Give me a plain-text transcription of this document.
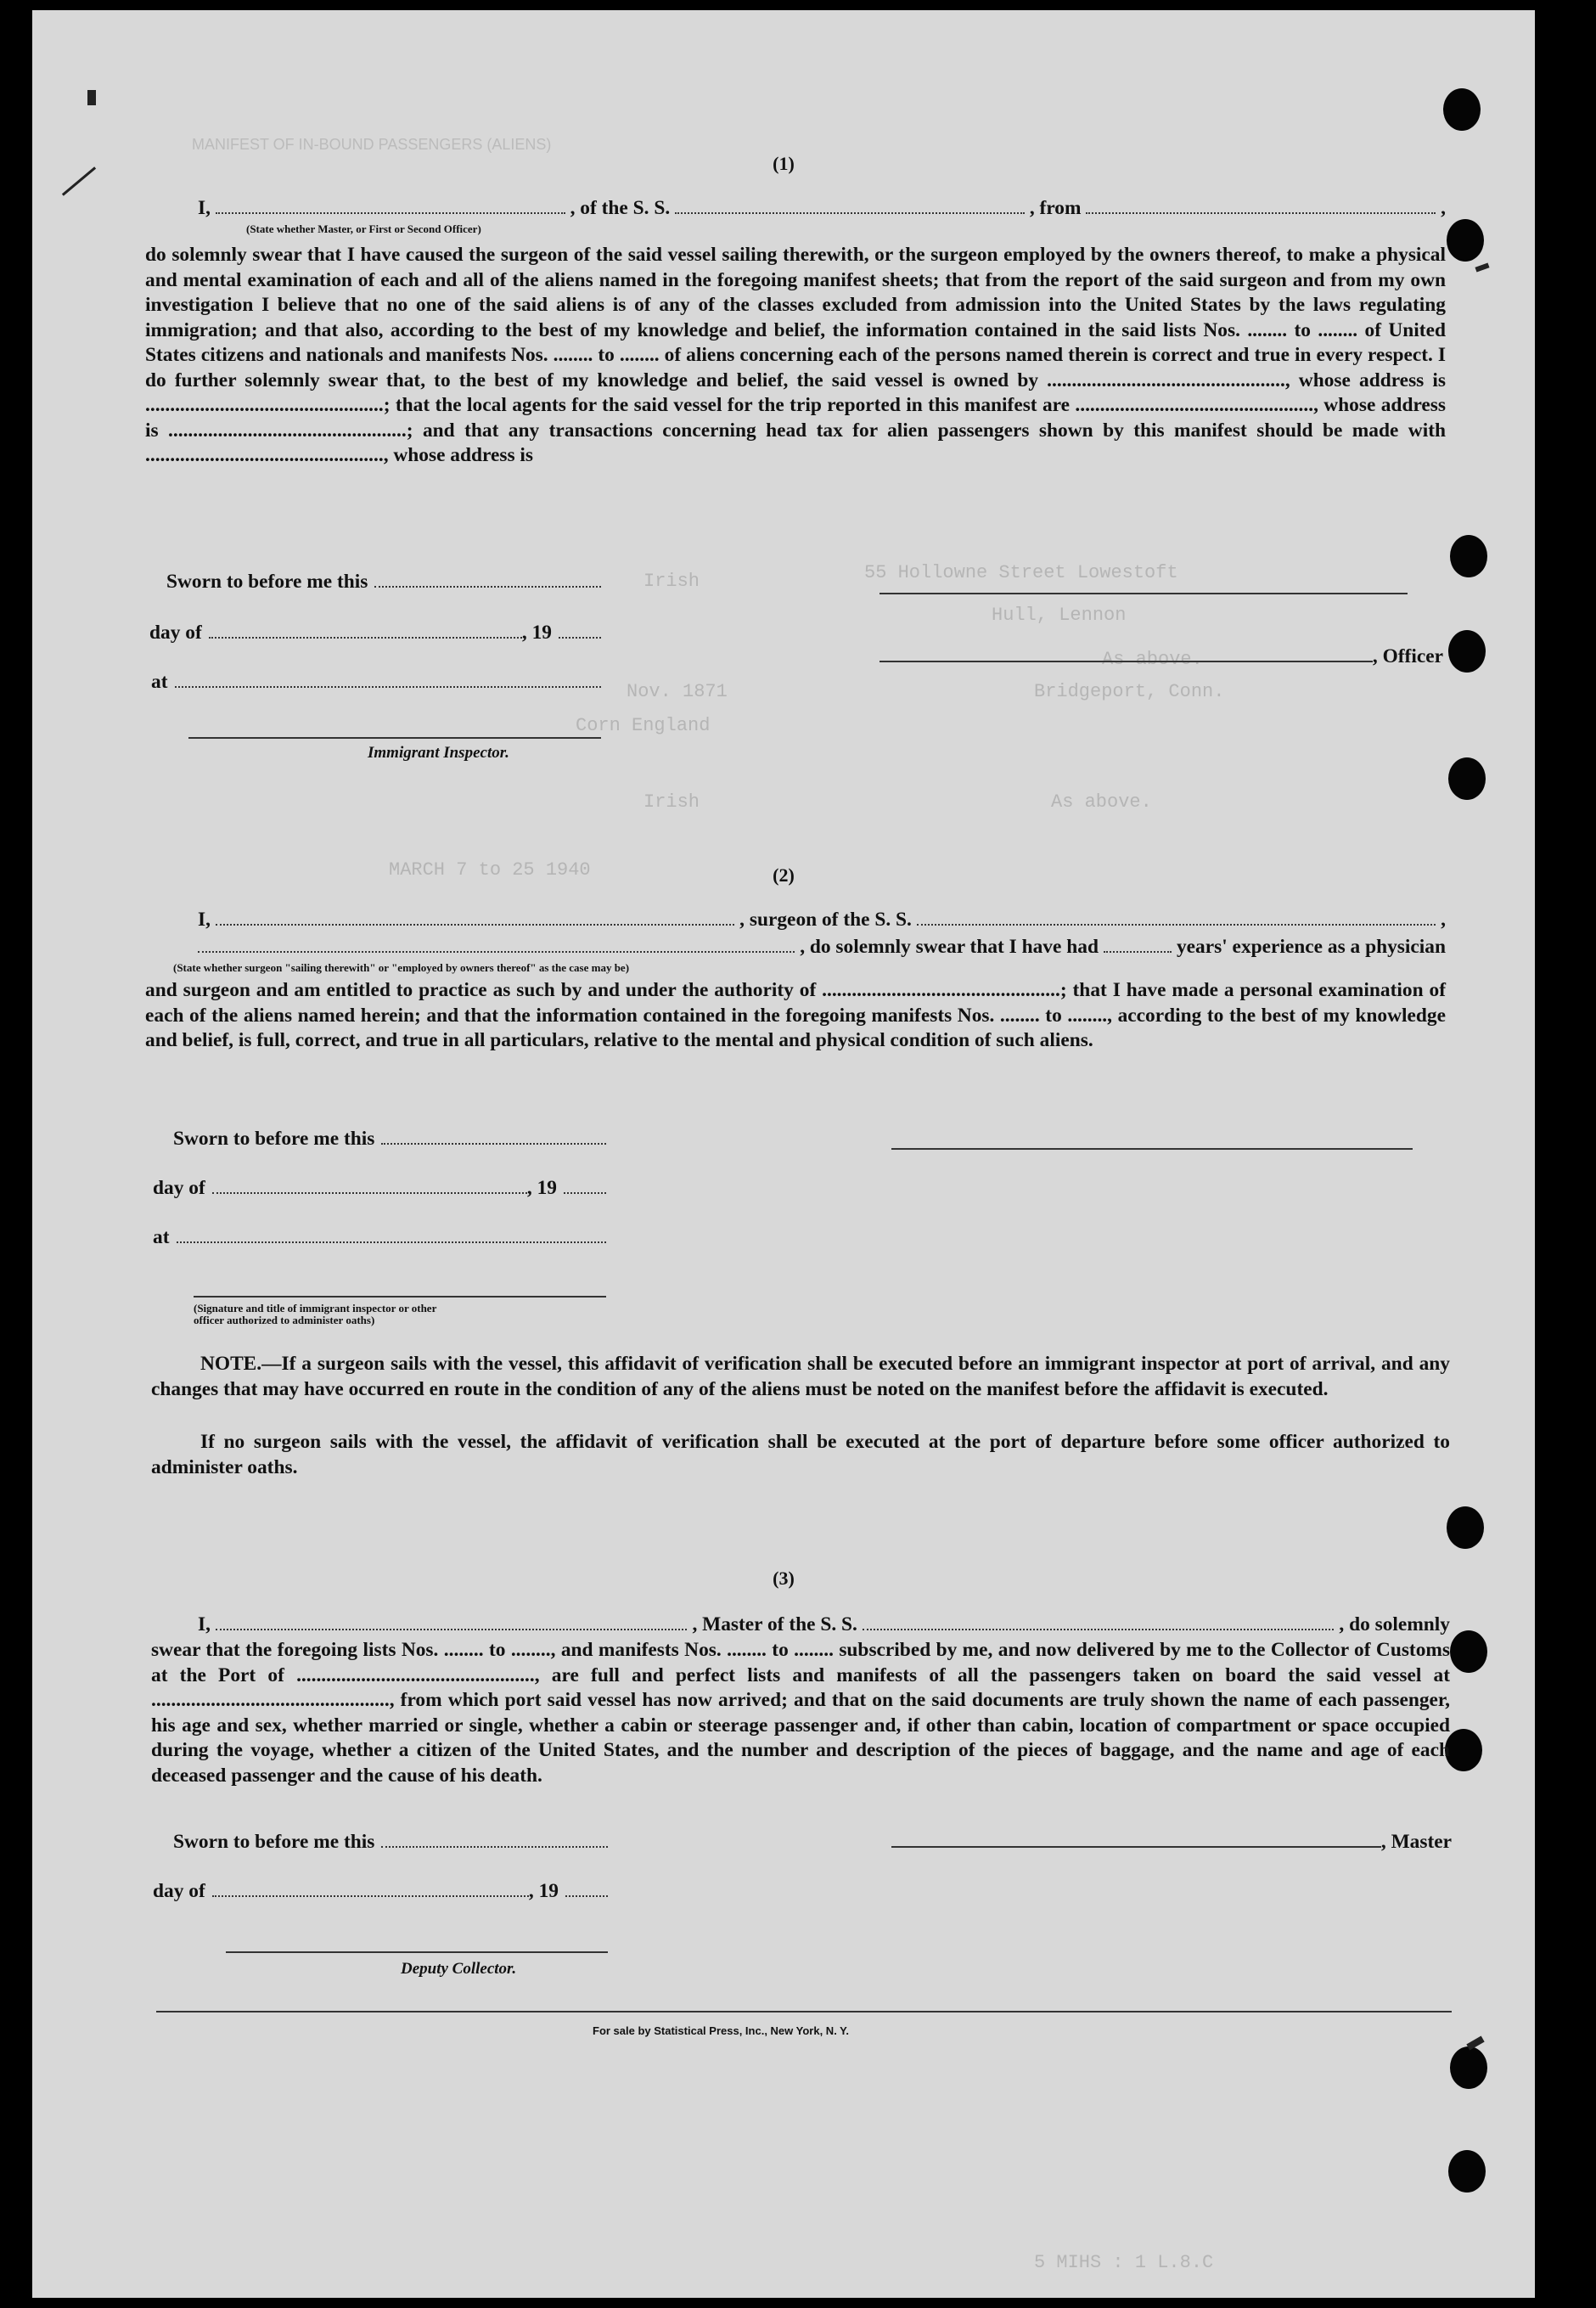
MANIFEST OF IN-BOUND PASSENGERS (ALIENS)
55 Hollowne Street Lowestoft
Hull, Lennon
As above.
Bridgeport, Conn.
As above.
Irish
Nov. 1871
Corn England
Irish
MARCH 7 to 25 1940
5 MIHS : 1 L.8.C
(1)
I,	, of the S. S.	, from	,
(State whether Master, or First or Second Officer)
do solemnly swear that I have caused the surgeon of the said vessel sailing therewith, or the surgeon employed by the owners thereof, to make a physical and mental examination of each and all of the aliens named in the foregoing manifest sheets; that from the report of the said surgeon and from my own investigation I believe that no one of the said aliens is of any of the classes excluded from admission into the United States by the laws regulating immigration; and that also, according to the best of my knowledge and belief, the information contained in the said lists Nos. ........ to ........ of United States citizens and nationals and manifests Nos. ........ to ........ of aliens concerning each of the persons named therein is correct and true in every respect. I do further solemnly swear that, to the best of my knowledge and belief, the said vessel is owned by ................................................, whose address is ................................................; that the local agents for the said vessel for the trip reported in this manifest are ................................................, whose address is ................................................; and that any transactions concerning head tax for alien passengers shown by this manifest should be made with ................................................, whose address is
Sworn to before me this
day of	, 19
, Officer
at
Immigrant Inspector.
(2)
I,	, surgeon of the S. S.	,
, do solemnly swear that I have had	years' experience as a physician
(State whether surgeon "sailing therewith" or "employed by owners thereof" as the case may be)
and surgeon and am entitled to practice as such by and under the authority of ................................................; that I have made a personal examination of each of the aliens named herein; and that the information contained in the foregoing manifests Nos. ........ to ........, according to the best of my knowledge and belief, is full, correct, and true in all particulars, relative to the mental and physical condition of such aliens.
Sworn to before me this
day of	, 19
at
(Signature and title of immigrant inspector or other officer authorized to administer oaths)
NOTE.—If a surgeon sails with the vessel, this affidavit of verification shall be executed before an immigrant inspector at port of arrival, and any changes that may have occurred en route in the condition of any of the aliens must be noted on the manifest before the affidavit is executed.
If no surgeon sails with the vessel, the affidavit of verification shall be executed at the port of departure before some officer authorized to administer oaths.
(3)
I,	, Master of the S. S.	, do solemnly
swear that the foregoing lists Nos. ........ to ........, and manifests Nos. ........ to ........ subscribed by me, and now delivered by me to the Collector of Customs at the Port of ................................................, are full and perfect lists and manifests of all the passengers taken on board the said vessel at ................................................, from which port said vessel has now arrived; and that on the said documents are truly shown the name of each passenger, his age and sex, whether married or single, whether a cabin or steerage passenger and, if other than cabin, location of compartment or space occupied during the voyage, whether a citizen of the United States, and the number and description of the pieces of baggage, and the name and age of each deceased passenger and the cause of his death.
Sworn to before me this	, Master
day of	, 19
Deputy Collector.
For sale by Statistical Press, Inc., New York, N. Y.
